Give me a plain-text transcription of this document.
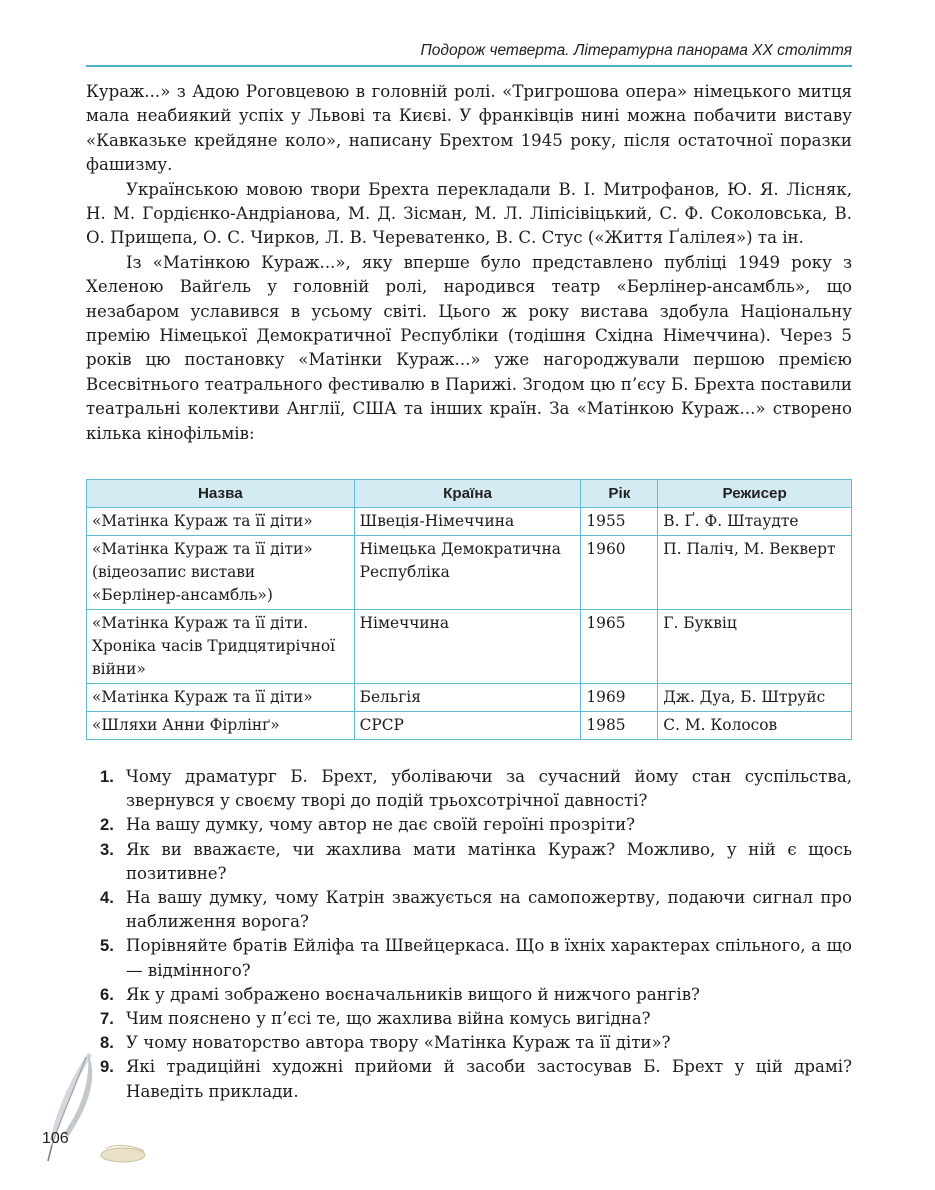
Подорож четверта. Літературна панорама ХХ століття

Кураж...» з Адою Роговцевою в головній ролі. «Тригрошова опера» німецького митця мала неабиякий успіх у Львові та Києві. У франківців нині можна побачити виставу «Кавказьке крейдяне коло», написану Брехтом 1945 року, після остаточної поразки фашизму.

Українською мовою твори Брехта перекладали В. І. Митрофанов, Ю. Я. Лісняк, Н. М. Гордієнко-Андріанова, М. Д. Зісман, М. Л. Ліпісівіцький, С. Ф. Соколовська, В. О. Прищепа, О. С. Чирков, Л. В. Череватенко, В. С. Стус («Життя Ґалілея») та ін.

Із «Матінкою Кураж...», яку вперше було представлено публіці 1949 року з Хеленою Вайґель у головній ролі, народився театр «Берлінер-ансамбль», що незабаром уславився в усьому світі. Цього ж року вистава здобула Національну премію Німецької Демократичної Республіки (тодішня Східна Німеччина). Через 5 років цю постановку «Матінки Кураж...» уже нагороджували першою премією Всесвітнього театрального фестивалю в Парижі. Згодом цю п’єсу Б. Брехта поставили театральні колективи Англії, США та інших країн. За «Матінкою Кураж...» створено кілька кінофільмів:

Назва	Країна	Рік	Режисер
«Матінка Кураж та її діти»	Швеція-Німеччина	1955	В. Ґ. Ф. Штаудте
«Матінка Кураж та її діти» (відеозапис вистави «Берлінер-ансамбль»)	Німецька Демократична Республіка	1960	П. Паліч, М. Векверт
«Матінка Кураж та її діти. Хроніка часів Тридцятирічної війни»	Німеччина	1965	Г. Буквіц
«Матінка Кураж та її діти»	Бельгія	1969	Дж. Дуа, Б. Штруйс
«Шляхи Анни Фірлінґ»	СРСР	1985	С. М. Колосов
1. Чому драматург Б. Брехт, уболіваючи за сучасний йому стан суспільства, звернувся у своєму творі до подій трьохсотрічної давності?
2. На вашу думку, чому автор не дає своїй героїні прозріти?
3. Як ви вважаєте, чи жахлива мати матінка Кураж? Можливо, у ній є щось позитивне?
4. На вашу думку, чому Катрін зважується на самопожертву, подаючи сигнал про наближення ворога?
5. Порівняйте братів Ейліфа та Швейцеркаса. Що в їхніх характерах спільного, а що — відмінного?
6. Як у драмі зображено воєначальників вищого й нижчого рангів?
7. Чим пояснено у п’єсі те, що жахлива війна комусь вигідна?
8. У чому новаторство автора твору «Матінка Кураж та її діти»?
9. Які традиційні художні прийоми й засоби застосував Б. Брехт у цій драмі? Наведіть приклади.
106
